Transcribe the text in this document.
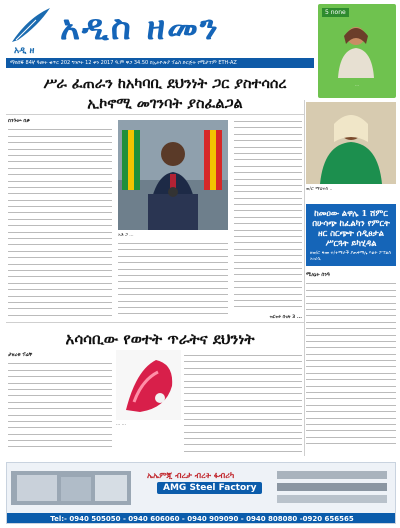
አዲ ዘ
አዲስ ዘመን
ማክሰኞ 84ኛ ዓመት ቁጥር 202 ግንቦት 12 ቀን 2017 ዓ.ም ዋጋ 34.50 በኢትዮጵያ ፕሬስ ድርጅት የሚታተም ETH-AZ
5 none
...
ሥራ ፈጠራን ከአካባቢ ደህንነት ጋር ያስተሳሰረ ኢኮኖሚ መገንባት ያስፈልጋል
በንጉሡ በቃ
አቶ ጋ ...
ዝርዝሩ በገጽ 3 ...
ወ/ሮ ማህተስ ..
ከመዐው ልዋሌ 1 ሸምር በሁሳጭ ከፈልካን የምርት ዘር ስርጭት ሰዲፀታል ሥርጓት ይካሂዳል
ዘወ/ሮ ፋጡ ተ/ተማራች ያጠቀማሌ እልት ፖፐልስ አገሪሷ
ሚለኔት ሰንዓ
አሳሳቢው የወተት ጥራትና ደህንነት
ታዘረቱ ፕሬቸ
... ...
ኤኤምጂ ብረታ ብረት ፋብሪካ
AMG Steel Factory
Tel:- 0940 505050 - 0940 606060 - 0940 909090 - 0940 808080 -0920 656565
